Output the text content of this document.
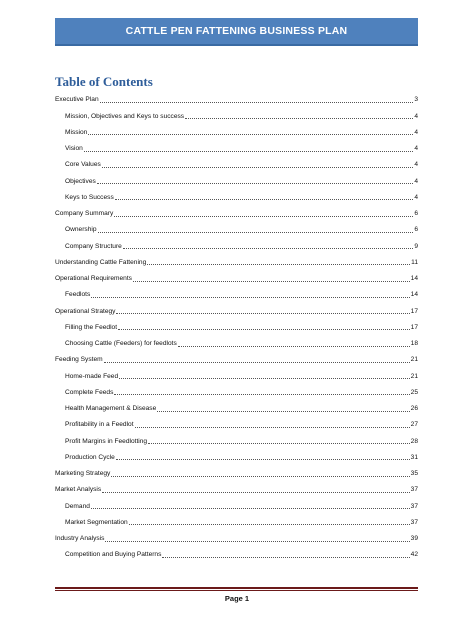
CATTLE PEN FATTENING BUSINESS PLAN
Table of Contents
Executive Plan	3
Mission, Objectives and Keys to success	4
Mission	4
Vision	4
Core Values	4
Objectives	4
Keys to Success	4
Company Summary	6
Ownership	6
Company Structure	9
Understanding Cattle Fattening	11
Operational Requirements	14
Feedlots	14
Operational Strategy	17
Filling the Feedlot	17
Choosing Cattle (Feeders) for feedlots	18
Feeding System	21
Home-made Feed	21
Complete Feeds	25
Health Management & Disease	26
Profitability in a Feedlot	27
Profit Margins in Feedlotting	28
Production Cycle	31
Marketing Strategy	35
Market Analysis	37
Demand	37
Market Segmentation	37
Industry Analysis	39
Competition and Buying Patterns	42
Page 1
